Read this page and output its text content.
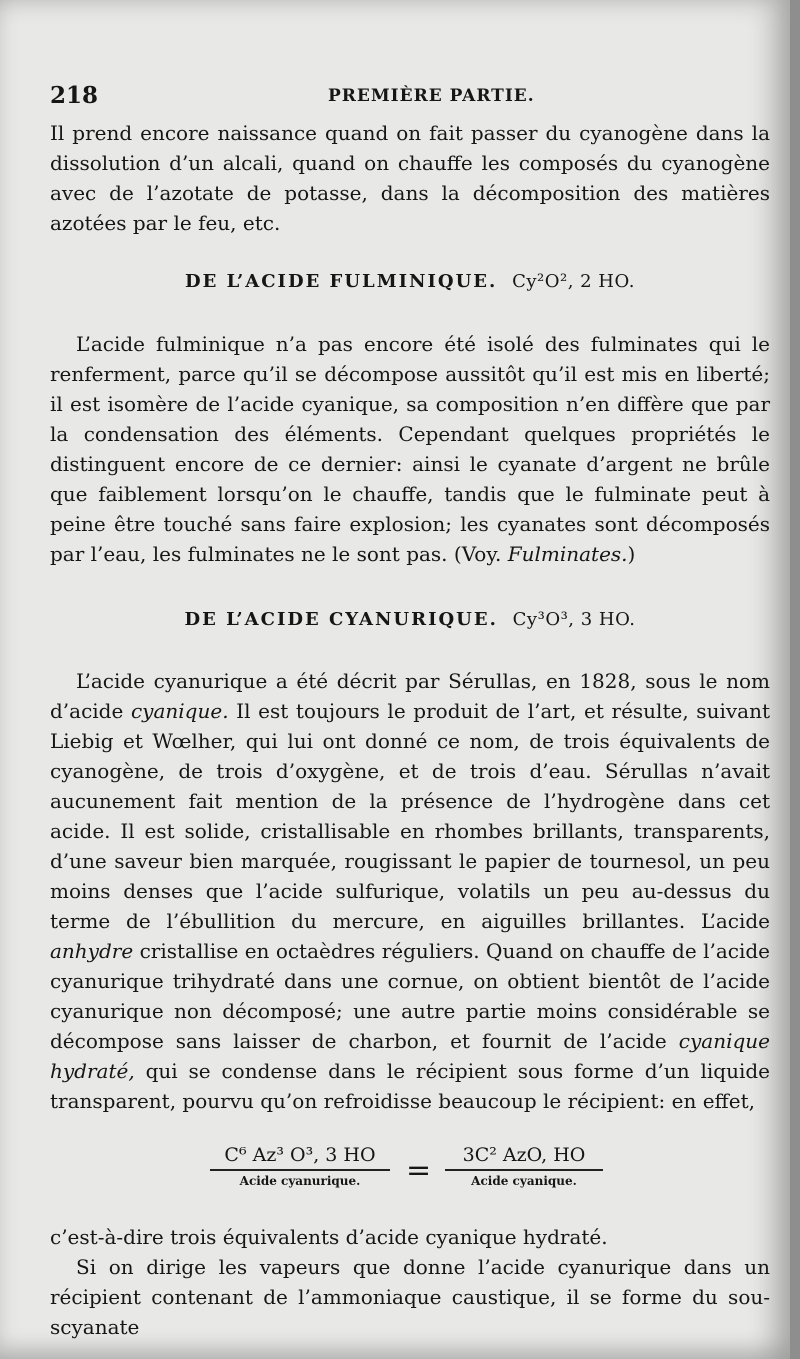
218	PREMIÈRE PARTIE.

Il prend encore naissance quand on fait passer du cyanogène dans la dissolution d’un alcali, quand on chauffe les composés du cyanogène avec de l’azotate de potasse, dans la décomposition des matières azotées par le feu, etc.

DE L’ACIDE FULMINIQUE. Cy²O², 2 HO.

L’acide fulminique n’a pas encore été isolé des fulminates qui le renferment, parce qu’il se décompose aussitôt qu’il est mis en liberté; il est isomère de l’acide cyanique, sa composition n’en diffère que par la condensation des éléments. Cependant quelques propriétés le distinguent encore de ce dernier: ainsi le cyanate d’argent ne brûle que faiblement lorsqu’on le chauffe, tandis que le fulminate peut à peine être touché sans faire explosion; les cyanates sont décomposés par l’eau, les fulminates ne le sont pas. (Voy. Fulminates.)

DE L’ACIDE CYANURIQUE. Cy³O³, 3 HO.

L’acide cyanurique a été décrit par Sérullas, en 1828, sous le nom d’acide cyanique. Il est toujours le produit de l’art, et résulte, suivant Liebig et Wœlher, qui lui ont donné ce nom, de trois équivalents de cyanogène, de trois d’oxygène, et de trois d’eau. Sérullas n’avait aucunement fait mention de la présence de l’hydrogène dans cet acide. Il est solide, cristallisable en rhombes brillants, transparents, d’une saveur bien marquée, rougissant le papier de tournesol, un peu moins denses que l’acide sulfurique, volatils un peu au-dessus du terme de l’ébullition du mercure, en aiguilles brillantes. L’acide anhydre cristallise en octaèdres réguliers. Quand on chauffe de l’acide cyanurique trihydraté dans une cornue, on obtient bientôt de l’acide cyanurique non décomposé; une autre partie moins considérable se décompose sans laisser de charbon, et fournit de l’acide cyanique hydraté, qui se condense dans le récipient sous forme d’un liquide transparent, pourvu qu’on refroidisse beaucoup le récipient: en effet,

C⁶ Az³ O³, 3 HO
Acide cyanurique.	=	3C² AzO, HO
Acide cyanique.

c’est-à-dire trois équivalents d’acide cyanique hydraté.

Si on dirige les vapeurs que donne l’acide cyanurique dans un récipient contenant de l’ammoniaque caustique, il se forme du sou-scyanate
